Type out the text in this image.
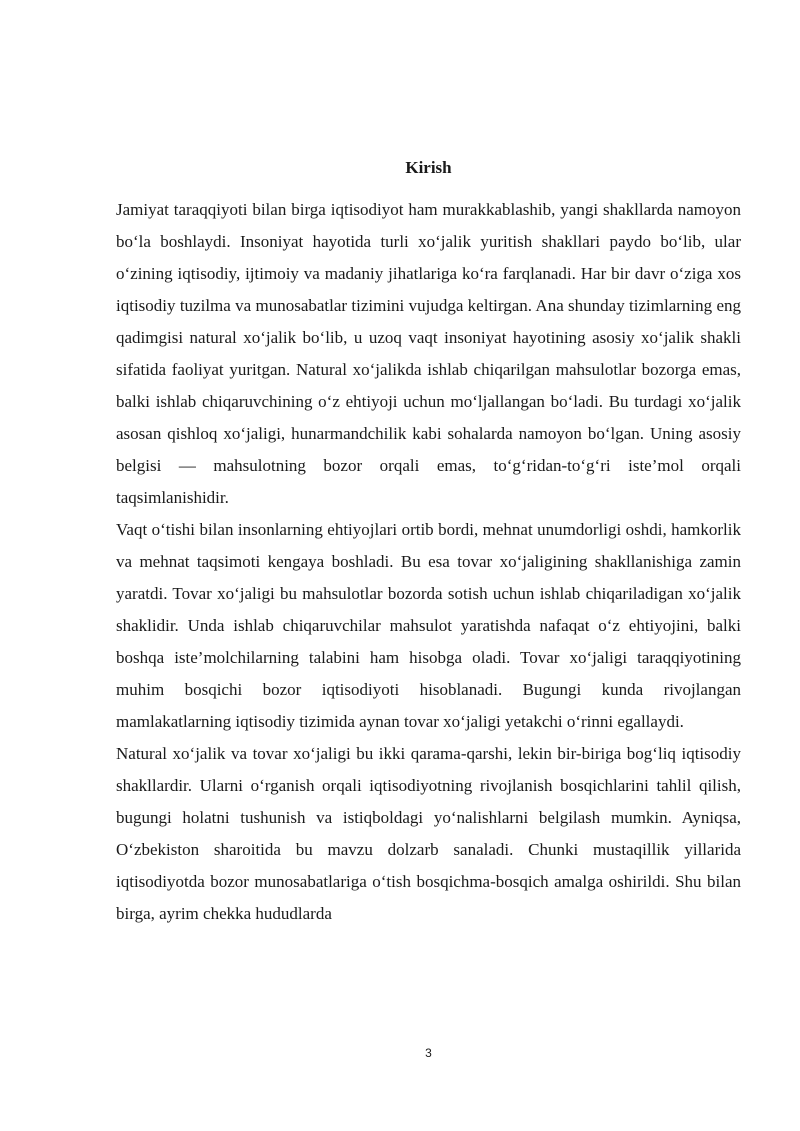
Kirish

Jamiyat taraqqiyoti bilan birga iqtisodiyot ham murakkablashib, yangi shakllarda namoyon bo‘la boshlaydi. Insoniyat hayotida turli xo‘jalik yuritish shakllari paydo bo‘lib, ular o‘zining iqtisodiy, ijtimoiy va madaniy jihatlariga ko‘ra farqlanadi. Har bir davr o‘ziga xos iqtisodiy tuzilma va munosabatlar tizimini vujudga keltirgan. Ana shunday tizimlarning eng qadimgisi natural xo‘jalik bo‘lib, u uzoq vaqt insoniyat hayotining asosiy xo‘jalik shakli sifatida faoliyat yuritgan. Natural xo‘jalikda ishlab chiqarilgan mahsulotlar bozorga emas, balki ishlab chiqaruvchining o‘z ehtiyoji uchun mo‘ljallangan bo‘ladi. Bu turdagi xo‘jalik asosan qishloq xo‘jaligi, hunarmandchilik kabi sohalarda namoyon bo‘lgan. Uning asosiy belgisi — mahsulotning bozor orqali emas, to‘g‘ridan-to‘g‘ri iste’mol orqali taqsimlanishidir.

Vaqt o‘tishi bilan insonlarning ehtiyojlari ortib bordi, mehnat unumdorligi oshdi, hamkorlik va mehnat taqsimoti kengaya boshladi. Bu esa tovar xo‘jaligining shakllanishiga zamin yaratdi. Tovar xo‘jaligi bu mahsulotlar bozorda sotish uchun ishlab chiqariladigan xo‘jalik shaklidir. Unda ishlab chiqaruvchilar mahsulot yaratishda nafaqat o‘z ehtiyojini, balki boshqa iste’molchilarning talabini ham hisobga oladi. Tovar xo‘jaligi taraqqiyotining muhim bosqichi bozor iqtisodiyoti hisoblanadi. Bugungi kunda rivojlangan mamlakatlarning iqtisodiy tizimida aynan tovar xo‘jaligi yetakchi o‘rinni egallaydi.

Natural xo‘jalik va tovar xo‘jaligi bu ikki qarama-qarshi, lekin bir-biriga bog‘liq iqtisodiy shakllardir. Ularni o‘rganish orqali iqtisodiyotning rivojlanish bosqichlarini tahlil qilish, bugungi holatni tushunish va istiqboldagi yo‘nalishlarni belgilash mumkin. Ayniqsa, O‘zbekiston sharoitida bu mavzu dolzarb sanaladi. Chunki mustaqillik yillarida iqtisodiyotda bozor munosabatlariga o‘tish bosqichma-bosqich amalga oshirildi. Shu bilan birga, ayrim chekka hududlarda

3
